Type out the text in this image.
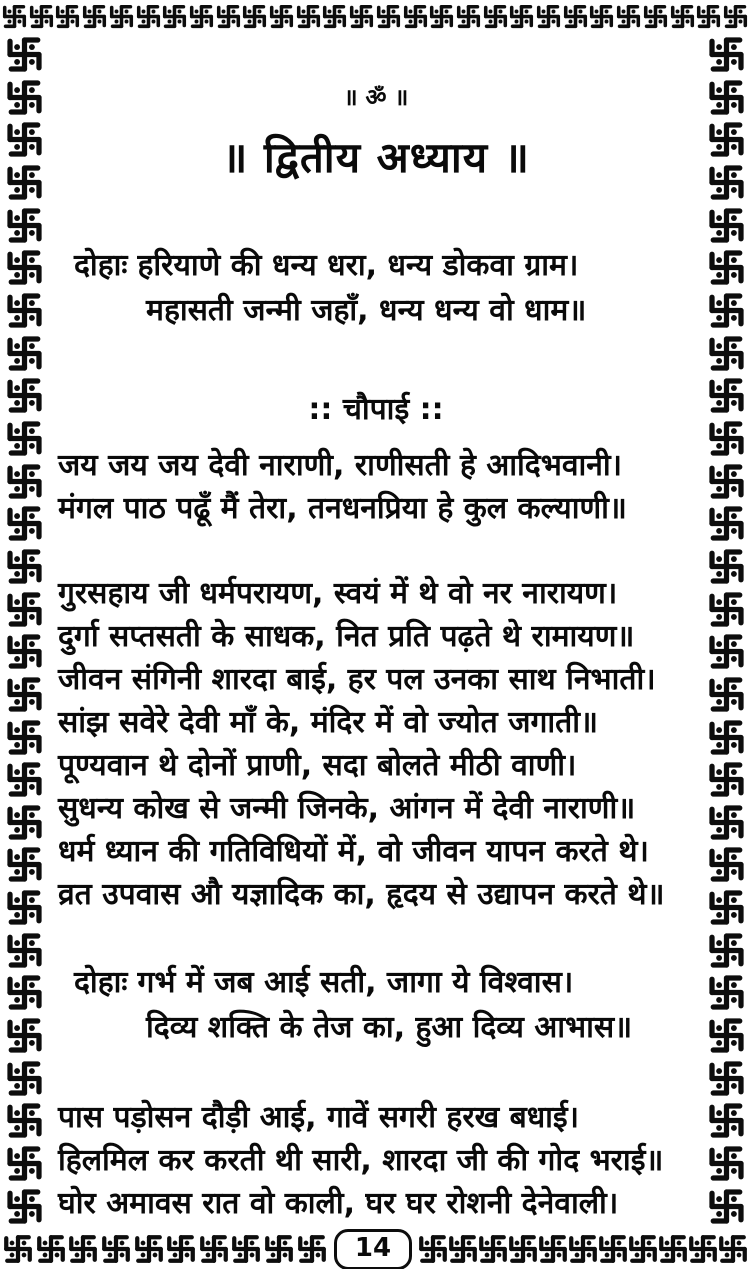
14
॥ ॐ ॥
॥ द्वितीय अध्याय ॥
दोहाः हरियाणे की धन्य धरा, धन्य डोकवा ग्राम।
महासती जन्मी जहाँ, धन्य धन्य वो धाम॥
:: चौपाई ::
जय जय जय देवी नाराणी, राणीसती हे आदिभवानी।
मंगल पाठ पढूँ मैं तेरा, तनधनप्रिया हे कुल कल्याणी॥
गुरसहाय जी धर्मपरायण, स्वयं में थे वो नर नारायण।
दुर्गा सप्तसती के साधक, नित प्रति पढ़ते थे रामायण॥
जीवन संगिनी शारदा बाई, हर पल उनका साथ निभाती।
सांझ सवेरे देवी माँ के, मंदिर में वो ज्योत जगाती॥
पूण्यवान थे दोनों प्राणी, सदा बोलते मीठी वाणी।
सुधन्य कोख से जन्मी जिनके, आंगन में देवी नाराणी॥
धर्म ध्यान की गतिविधियों में, वो जीवन यापन करते थे।
व्रत उपवास औ यज्ञादिक का, हृदय से उद्यापन करते थे॥
दोहाः गर्भ में जब आई सती, जागा ये विश्वास।
दिव्य शक्ति के तेज का, हुआ दिव्य आभास॥
पास पड़ोसन दौड़ी आई, गावें सगरी हरख बधाई।
हिलमिल कर करती थी सारी, शारदा जी की गोद भराई॥
घोर अमावस रात वो काली, घर घर रोशनी देनेवाली।
